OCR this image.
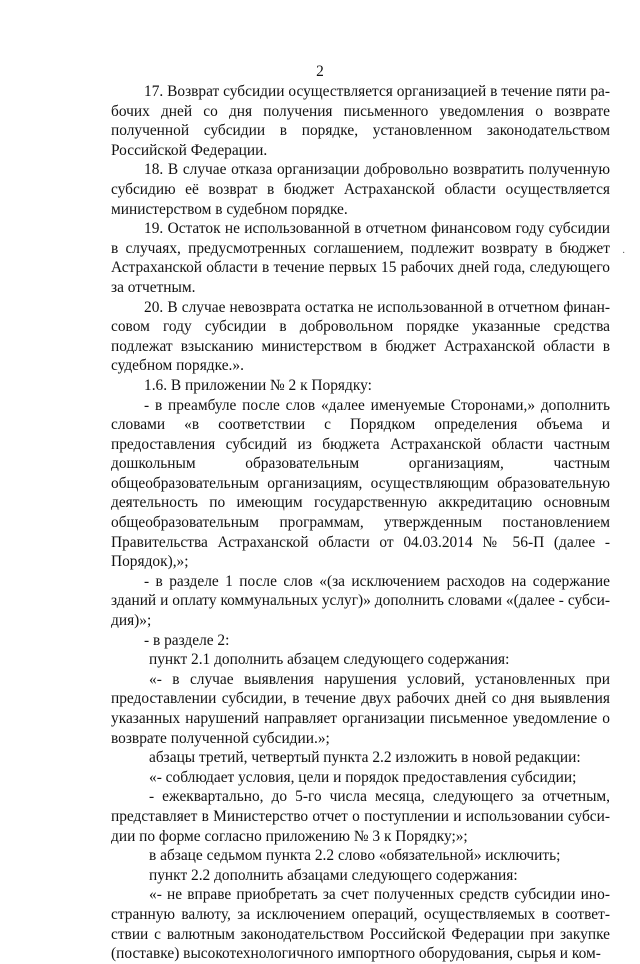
2

17. Возврат субсидии осуществляется организацией в течение пяти рабочих дней со дня получения письменного уведомления о возврате полученной субсидии в порядке, установленном законодательством Российской Федерации.

18. В случае отказа организации добровольно возвратить полученную субсидию её возврат в бюджет Астраханской области осуществляется министерством в судебном порядке.

19. Остаток не использованной в отчетном финансовом году субсидии в случаях, предусмотренных соглашением, подлежит возврату в бюджет Астраханской области в течение первых 15 рабочих дней года, следующего за отчетным.

20. В случае невозврата остатка не использованной в отчетном финансовом году субсидии в добровольном порядке указанные средства подлежат взысканию министерством в бюджет Астраханской области в судебном порядке.».

1.6. В приложении № 2 к Порядку:

- в преамбуле после слов «далее именуемые Сторонами,» дополнить словами «в соответствии с Порядком определения объема и предоставления субсидий из бюджета Астраханской области частным дошкольным образовательным организациям, частным общеобразовательным организациям, осуществляющим образовательную деятельность по имеющим государственную аккредитацию основным общеобразовательным программам, утвержденным постановлением Правительства Астраханской области от 04.03.2014 № 56-П (далее - Порядок),»;

- в разделе 1 после слов «(за исключением расходов на содержание зданий и оплату коммунальных услуг)» дополнить словами «(далее - субсидия)»;

- в разделе 2:

пункт 2.1 дополнить абзацем следующего содержания:

«- в случае выявления нарушения условий, установленных при предоставлении субсидии, в течение двух рабочих дней со дня выявления указанных нарушений направляет организации письменное уведомление о возврате полученной субсидии.»;

абзацы третий, четвертый пункта 2.2 изложить в новой редакции:

«- соблюдает условия, цели и порядок предоставления субсидии;

- ежеквартально, до 5-го числа месяца, следующего за отчетным, представляет в Министерство отчет о поступлении и использовании субсидии по форме согласно приложению № 3 к Порядку;»;

в абзаце седьмом пункта 2.2 слово «обязательной» исключить;

пункт 2.2 дополнить абзацами следующего содержания:

«- не вправе приобретать за счет полученных средств субсидии иностранную валюту, за исключением операций, осуществляемых в соответствии с валютным законодательством Российской Федерации при закупке (поставке) высокотехнологичного импортного оборудования, сырья и ком-

·
